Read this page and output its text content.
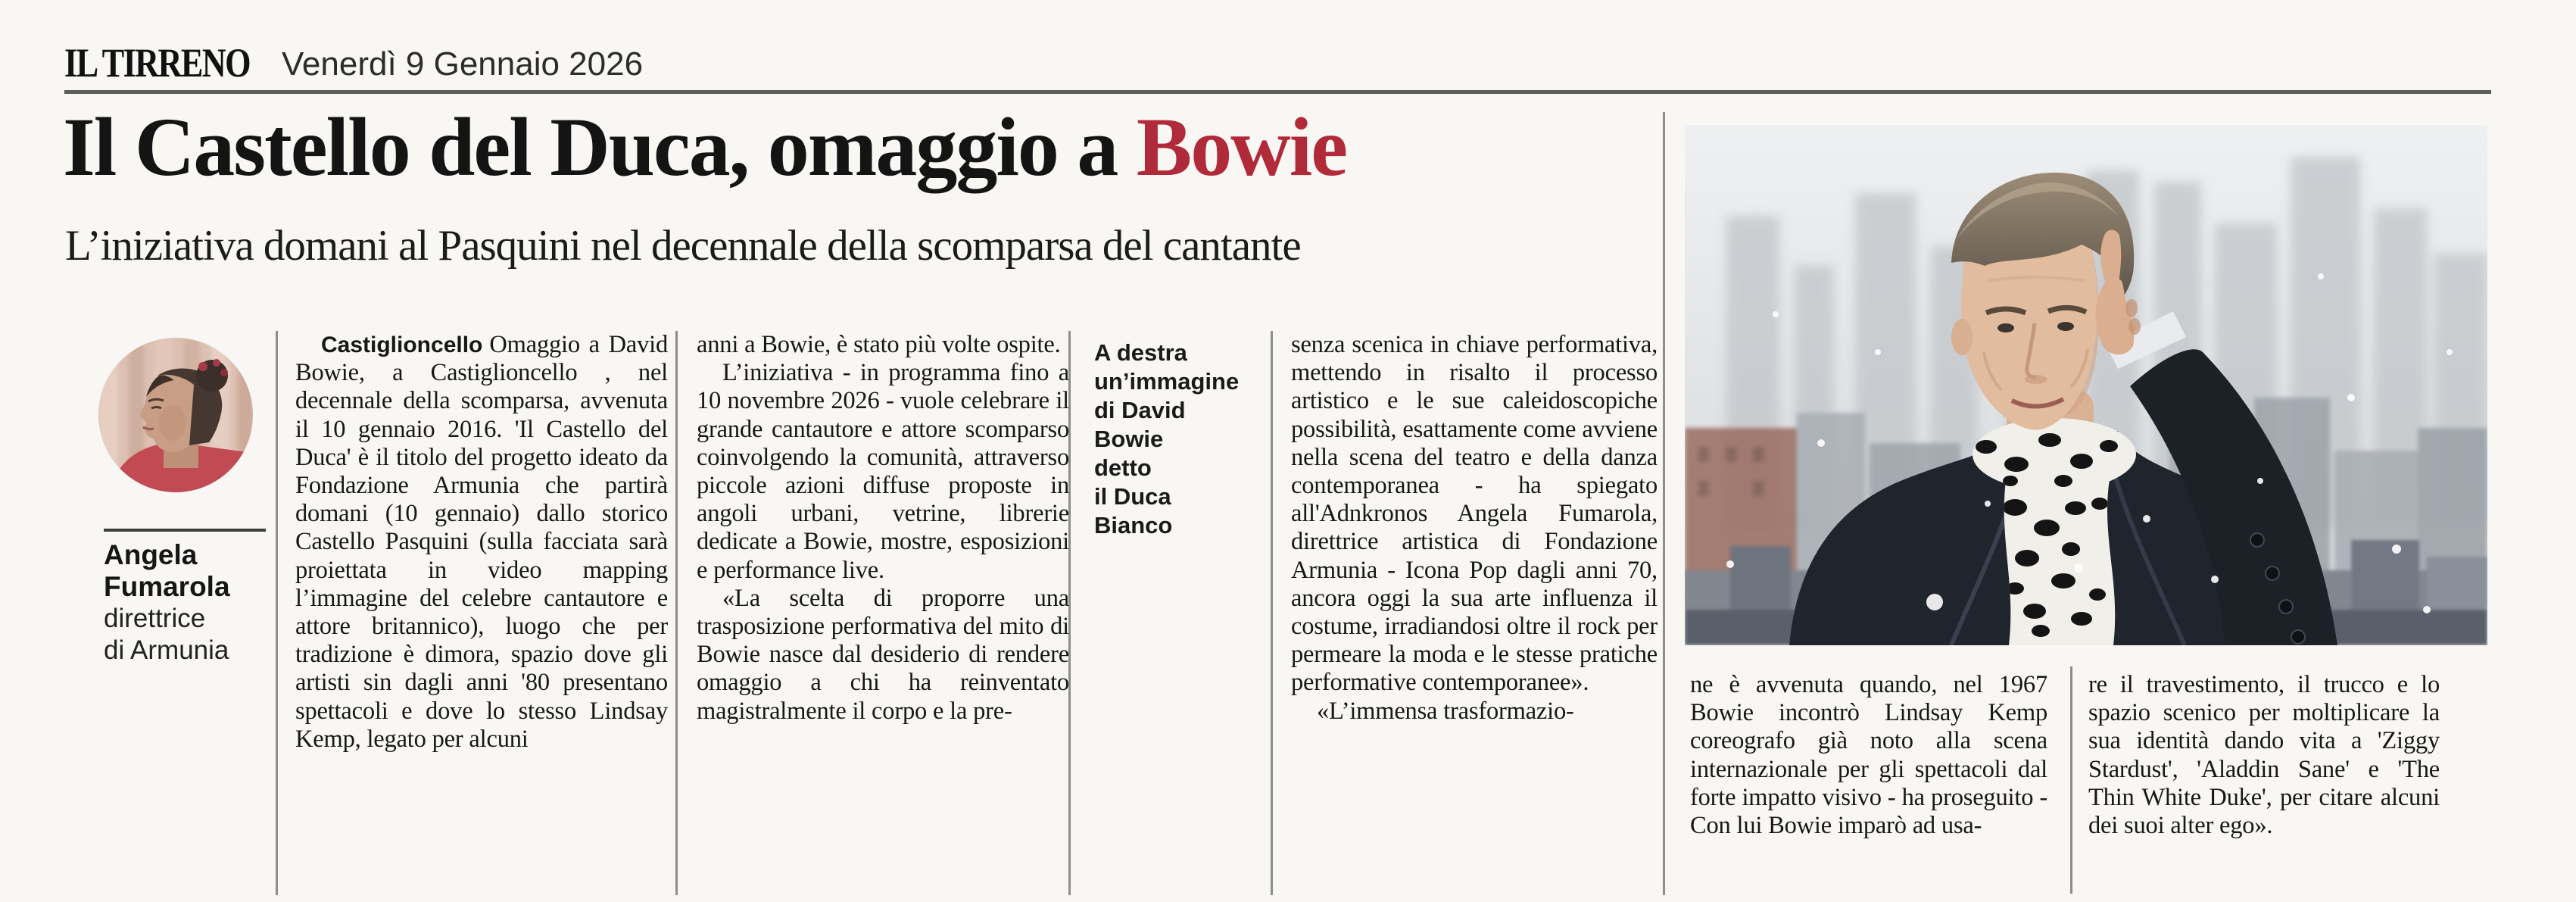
IL TIRRENO Venerdì 9 Gennaio 2026
Il Castello del Duca, omaggio a Bowie
L’iniziativa domani al Pasquini nel decennale della scomparsa del cantante
Angela
Fumarola
direttrice
di Armunia

Castiglioncello Omaggio a David Bowie, a Castiglioncello , nel decennale della scomparsa, avvenuta il 10 gennaio 2016. 'Il Castello del Duca' è il titolo del progetto ideato da Fondazione Armunia che partirà domani (10 gennaio) dallo storico Castello Pasquini (sulla facciata sarà proiettata in video mapping l’immagine del celebre cantautore e attore britannico), luogo che per tradizione è dimora, spazio dove gli artisti sin dagli anni '80 presentano spettacoli e dove lo stesso Lindsay Kemp, legato per alcuni

anni a Bowie, è stato più volte ospite.

L’iniziativa - in programma fino a 10 novembre 2026 - vuole celebrare il grande cantautore e attore scomparso coinvolgendo la comunità, attraverso piccole azioni diffuse proposte in angoli urbani, vetrine, librerie dedicate a Bowie, mostre, esposizioni e performance live.

«La scelta di proporre una trasposizione performativa del mito di Bowie nasce dal desiderio di rendere omaggio a chi ha reinventato magistralmente il corpo e la pre-

A destra
un’immagine
di David
Bowie
detto
il Duca
Bianco

senza scenica in chiave performativa, mettendo in risalto il processo artistico e le sue caleidoscopiche possibilità, esattamente come avviene nella scena del teatro e della danza contemporanea - ha spiegato all'Adnkronos Angela Fumarola, direttrice artistica di Fondazione Armunia - Icona Pop dagli anni 70, ancora oggi la sua arte influenza il costume, irradiandosi oltre il rock per permeare la moda e le stesse pratiche performative contemporanee».

«L’immensa trasformazio-

ne è avvenuta quando, nel 1967 Bowie incontrò Lindsay Kemp coreografo già noto alla scena internazionale per gli spettacoli dal forte impatto visivo - ha proseguito - Con lui Bowie imparò ad usa-

re il travestimento, il trucco e lo spazio scenico per moltiplicare la sua identità dando vita a 'Ziggy Stardust', 'Aladdin Sane' e 'The Thin White Duke', per citare alcuni dei suoi alter ego».
